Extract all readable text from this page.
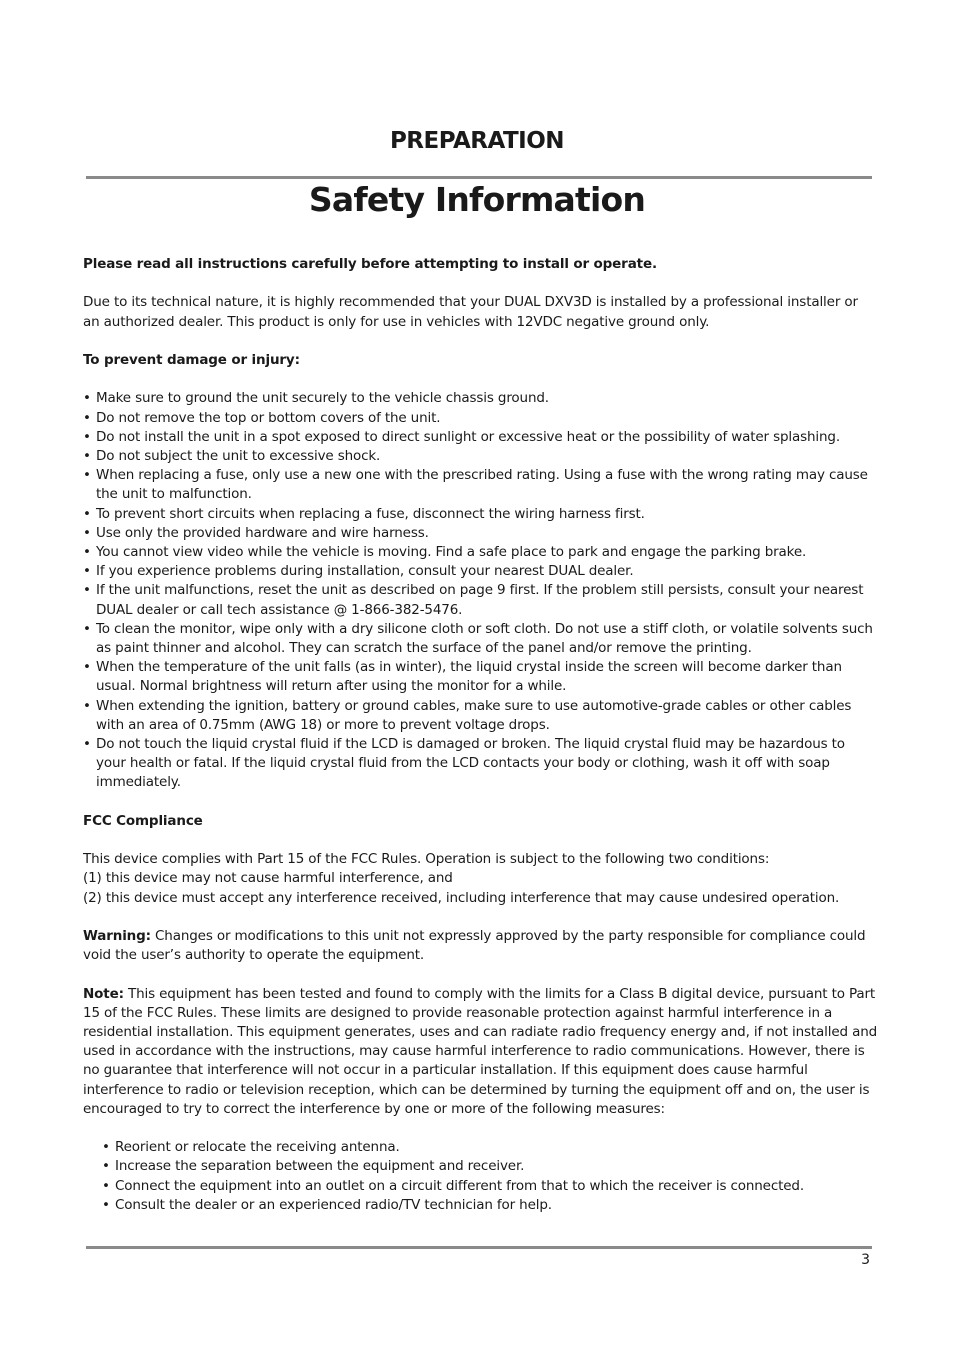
PREPARATION
Safety Information

Please read all instructions carefully before attempting to install or operate.

Due to its technical nature, it is highly recommended that your DUAL DXV3D is installed by a professional installer or an authorized dealer. This product is only for use in vehicles with 12VDC negative ground only.

To prevent damage or injury:

• Make sure to ground the unit securely to the vehicle chassis ground.
• Do not remove the top or bottom covers of the unit.
• Do not install the unit in a spot exposed to direct sunlight or excessive heat or the possibility of water splashing.
• Do not subject the unit to excessive shock.
• When replacing a fuse, only use a new one with the prescribed rating. Using a fuse with the wrong rating may cause the unit to malfunction.
• To prevent short circuits when replacing a fuse, disconnect the wiring harness first.
• Use only the provided hardware and wire harness.
• You cannot view video while the vehicle is moving. Find a safe place to park and engage the parking brake.
• If you experience problems during installation, consult your nearest DUAL dealer.
• If the unit malfunctions, reset the unit as described on page 9 first. If the problem still persists, consult your nearest DUAL dealer or call tech assistance @ 1-866-382-5476.
• To clean the monitor, wipe only with a dry silicone cloth or soft cloth. Do not use a stiff cloth, or volatile solvents such as paint thinner and alcohol. They can scratch the surface of the panel and/or remove the printing.
• When the temperature of the unit falls (as in winter), the liquid crystal inside the screen will become darker than usual. Normal brightness will return after using the monitor for a while.
• When extending the ignition, battery or ground cables, make sure to use automotive-grade cables or other cables with an area of 0.75mm (AWG 18) or more to prevent voltage drops.
• Do not touch the liquid crystal fluid if the LCD is damaged or broken. The liquid crystal fluid may be hazardous to your health or fatal. If the liquid crystal fluid from the LCD contacts your body or clothing, wash it off with soap immediately.

FCC Compliance

This device complies with Part 15 of the FCC Rules. Operation is subject to the following two conditions:

(1) this device may not cause harmful interference, and

(2) this device must accept any interference received, including interference that may cause undesired operation.

Warning: Changes or modifications to this unit not expressly approved by the party responsible for compliance could void the user’s authority to operate the equipment.

Note: This equipment has been tested and found to comply with the limits for a Class B digital device, pursuant to Part 15 of the FCC Rules. These limits are designed to provide reasonable protection against harmful interference in a residential installation. This equipment generates, uses and can radiate radio frequency energy and, if not installed and used in accordance with the instructions, may cause harmful interference to radio communications. However, there is no guarantee that interference will not occur in a particular installation. If this equipment does cause harmful interference to radio or television reception, which can be determined by turning the equipment off and on, the user is encouraged to try to correct the interference by one or more of the following measures:

• Reorient or relocate the receiving antenna.
• Increase the separation between the equipment and receiver.
• Connect the equipment into an outlet on a circuit different from that to which the receiver is connected.
• Consult the dealer or an experienced radio/TV technician for help.
3
